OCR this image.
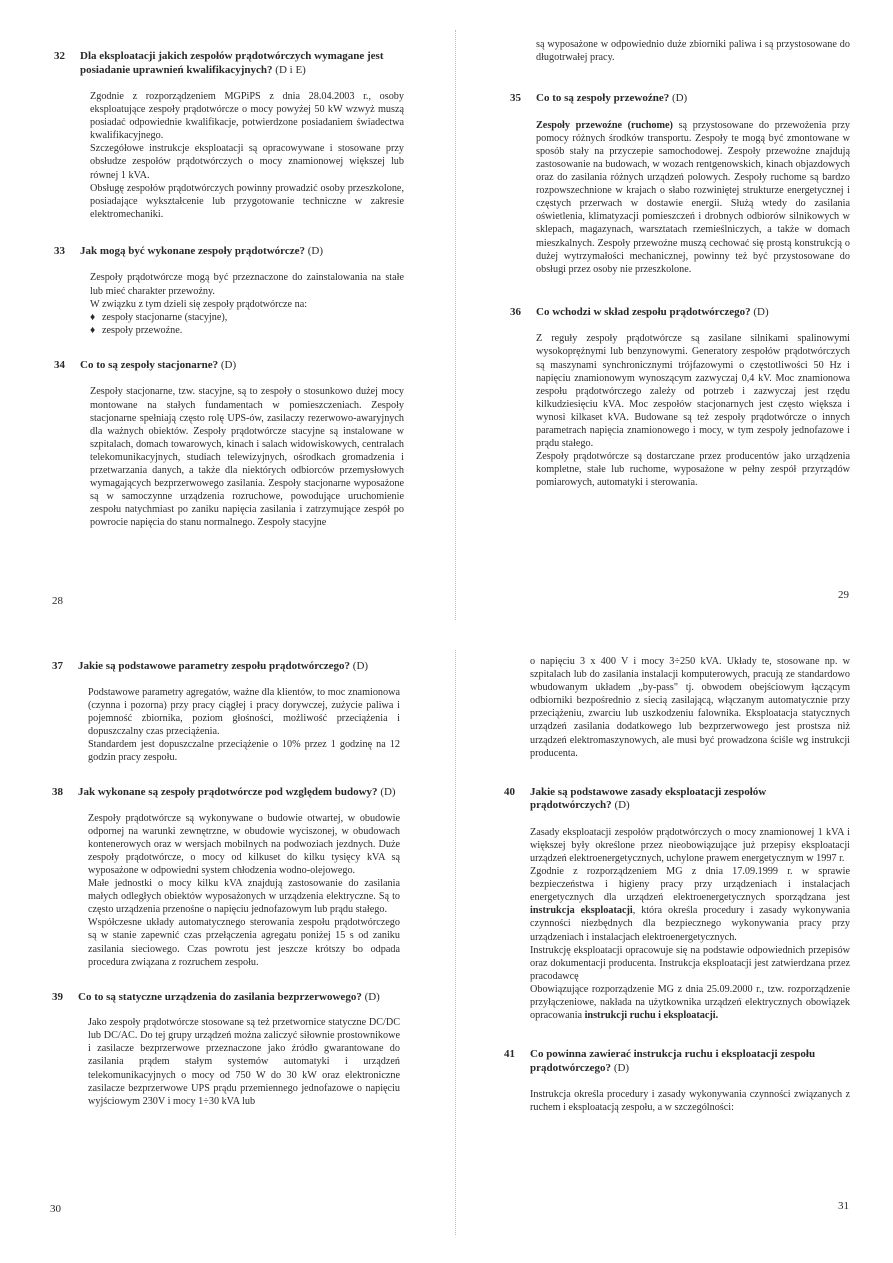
32 Dla eksploatacji jakich zespołów prądotwórczych wymagane jest posiadanie uprawnień kwalifikacyjnych? (D i E)

Zgodnie z rozporządzeniem MGPiPS z dnia 28.04.2003 r., osoby eksploatujące zespoły prądotwórcze o mocy powyżej 50 kW wzwyż muszą posiadać odpowiednie kwalifikacje, potwierdzone posiadaniem świadectwa kwalifikacyjnego.

Szczegółowe instrukcje eksploatacji są opracowywane i stosowane przy obsłudze zespołów prądotwórczych o mocy znamionowej większej lub równej 1 kVA.

Obsługę zespołów prądotwórczych powinny prowadzić osoby przeszkolone, posiadające wykształcenie lub przygotowanie techniczne w zakresie elektromechaniki.

33 Jak mogą być wykonane zespoły prądotwórcze? (D)

Zespoły prądotwórcze mogą być przeznaczone do zainstalowania na stałe lub mieć charakter przewoźny.

W związku z tym dzieli się zespoły prądotwórcze na:

♦ zespoły stacjonarne (stacyjne),

♦ zespoły przewoźne.

34 Co to są zespoły stacjonarne? (D)

Zespoły stacjonarne, tzw. stacyjne, są to zespoły o stosunkowo dużej mocy montowane na stałych fundamentach w pomieszczeniach. Zespoły stacjonarne spełniają często rolę UPS-ów, zasilaczy rezerwowo-awaryjnych dla ważnych obiektów. Zespoły prądotwórcze stacyjne są instalowane w szpitalach, domach towarowych, kinach i salach widowiskowych, centralach telekomunikacyjnych, studiach telewizyjnych, ośrodkach gromadzenia i przetwarzania danych, a także dla niektórych odbiorców przemysłowych wymagających bezprzerwowego zasilania. Zespoły stacjonarne wyposażone są w samoczynne urządzenia rozruchowe, powodujące uruchomienie zespołu natychmiast po zaniku napięcia zasilania i zatrzymujące zespół po powrocie napięcia do stanu normalnego. Zespoły stacyjne

28

są wyposażone w odpowiednio duże zbiorniki paliwa i są przystosowane do długotrwałej pracy.

35 Co to są zespoły przewoźne? (D)

Zespoły przewoźne (ruchome) są przystosowane do przewożenia przy pomocy różnych środków transportu. Zespoły te mogą być zmontowane w sposób stały na przyczepie samochodowej. Zespoły przewoźne znajdują zastosowanie na budowach, w wozach rentgenowskich, kinach objazdowych oraz do zasilania różnych urządzeń polowych. Zespoły ruchome są bardzo rozpowszechnione w krajach o słabo rozwiniętej strukturze energetycznej i częstych przerwach w dostawie energii. Służą wtedy do zasilania oświetlenia, klimatyzacji pomieszczeń i drobnych odbiorów silnikowych w sklepach, magazynach, warsztatach rzemieślniczych, a także w domach mieszkalnych. Zespoły przewoźne muszą cechować się prostą konstrukcją o dużej wytrzymałości mechanicznej, powinny też być przystosowane do obsługi przez osoby nie przeszkolone.

36 Co wchodzi w skład zespołu prądotwórczego? (D)

Z reguły zespoły prądotwórcze są zasilane silnikami spalinowymi wysokoprężnymi lub benzynowymi. Generatory zespołów prądotwórczych są maszynami synchronicznymi trójfazowymi o częstotliwości 50 Hz i napięciu znamionowym wynoszącym zazwyczaj 0,4 kV. Moc znamionowa zespołu prądotwórczego zależy od potrzeb i zazwyczaj jest rzędu kilkudziesięciu kVA. Moc zespołów stacjonarnych jest często większa i wynosi kilkaset kVA. Budowane są też zespoły prądotwórcze o innych parametrach napięcia znamionowego i mocy, w tym zespoły jednofazowe i prądu stałego.

Zespoły prądotwórcze są dostarczane przez producentów jako urządzenia kompletne, stałe lub ruchome, wyposażone w pełny zespół przyrządów pomiarowych, automatyki i sterowania.

29
37 Jakie są podstawowe parametry zespołu prądotwórczego? (D)

Podstawowe parametry agregatów, ważne dla klientów, to moc znamionowa (czynna i pozorna) przy pracy ciągłej i pracy dorywczej, zużycie paliwa i pojemność zbiornika, poziom głośności, możliwość przeciążenia i dopuszczalny czas przeciążenia.

Standardem jest dopuszczalne przeciążenie o 10% przez 1 godzinę na 12 godzin pracy zespołu.

38 Jak wykonane są zespoły prądotwórcze pod względem budowy? (D)

Zespoły prądotwórcze są wykonywane o budowie otwartej, w obudowie odpornej na warunki zewnętrzne, w obudowie wyciszonej, w obudowach kontenerowych oraz w wersjach mobilnych na podwoziach jezdnych. Duże zespoły prądotwórcze, o mocy od kilkuset do kilku tysięcy kVA są wyposażone w odpowiedni system chłodzenia wodno-olejowego.

Małe jednostki o mocy kilku kVA znajdują zastosowanie do zasilania małych odległych obiektów wyposażonych w urządzenia elektryczne. Są to często urządzenia przenośne o napięciu jednofazowym lub prądu stałego.

Współczesne układy automatycznego sterowania zespołu prądotwórczego są w stanie zapewnić czas przełączenia agregatu poniżej 15 s od zaniku zasilania sieciowego. Czas powrotu jest jeszcze krótszy bo odpada procedura związana z rozruchem zespołu.

39 Co to są statyczne urządzenia do zasilania bezprzerwowego? (D)

Jako zespoły prądotwórcze stosowane są też przetwornice statyczne DC/DC lub DC/AC. Do tej grupy urządzeń można zaliczyć siłownie prostownikowe i zasilacze bezprzerwowe przeznaczone jako źródło gwarantowane do zasilania prądem stałym systemów automatyki i urządzeń telekomunikacyjnych o mocy od 750 W do 30 kW oraz elektroniczne zasilacze bezprzerwowe UPS prądu przemiennego jednofazowe o napięciu wyjściowym 230V i mocy 1÷30 kVA lub

30

o napięciu 3 x 400 V i mocy 3÷250 kVA. Układy te, stosowane np. w szpitalach lub do zasilania instalacji komputerowych, pracują ze standardowo wbudowanym układem „by-pass" tj. obwodem obejściowym łączącym odbiorniki bezpośrednio z siecią zasilającą, włączanym automatycznie przy przeciążeniu, zwarciu lub uszkodzeniu falownika. Eksploatacja statycznych urządzeń zasilania dodatkowego lub bezprzerwowego jest prostsza niż urządzeń elektromaszynowych, ale musi być prowadzona ściśle wg instrukcji producenta.

40 Jakie są podstawowe zasady eksploatacji zespołów prądotwórczych? (D)

Zasady eksploatacji zespołów prądotwórczych o mocy znamionowej 1 kVA i większej były określone przez nieobowiązujące już przepisy eksploatacji urządzeń elektroenergetycznych, uchylone prawem energetycznym w 1997 r.

Zgodnie z rozporządzeniem MG z dnia 17.09.1999 r. w sprawie bezpieczeństwa i higieny pracy przy urządzeniach i instalacjach energetycznych dla urządzeń elektroenergetycznych sporządzana jest instrukcja eksploatacji, która określa procedury i zasady wykonywania czynności niezbędnych dla bezpiecznego wykonywania pracy przy urządzeniach i instalacjach elektroenergetycznych.

Instrukcję eksploatacji opracowuje się na podstawie odpowiednich przepisów oraz dokumentacji producenta. Instrukcja eksploatacji jest zatwierdzana przez pracodawcę

Obowiązujące rozporządzenie MG z dnia 25.09.2000 r., tzw. rozporządzenie przyłączeniowe, nakłada na użytkownika urządzeń elektrycznych obowiązek opracowania instrukcji ruchu i eksploatacji.

41 Co powinna zawierać instrukcja ruchu i eksploatacji zespołu prądotwórczego? (D)

Instrukcja określa procedury i zasady wykonywania czynności związanych z ruchem i eksploatacją zespołu, a w szczególności:

31
